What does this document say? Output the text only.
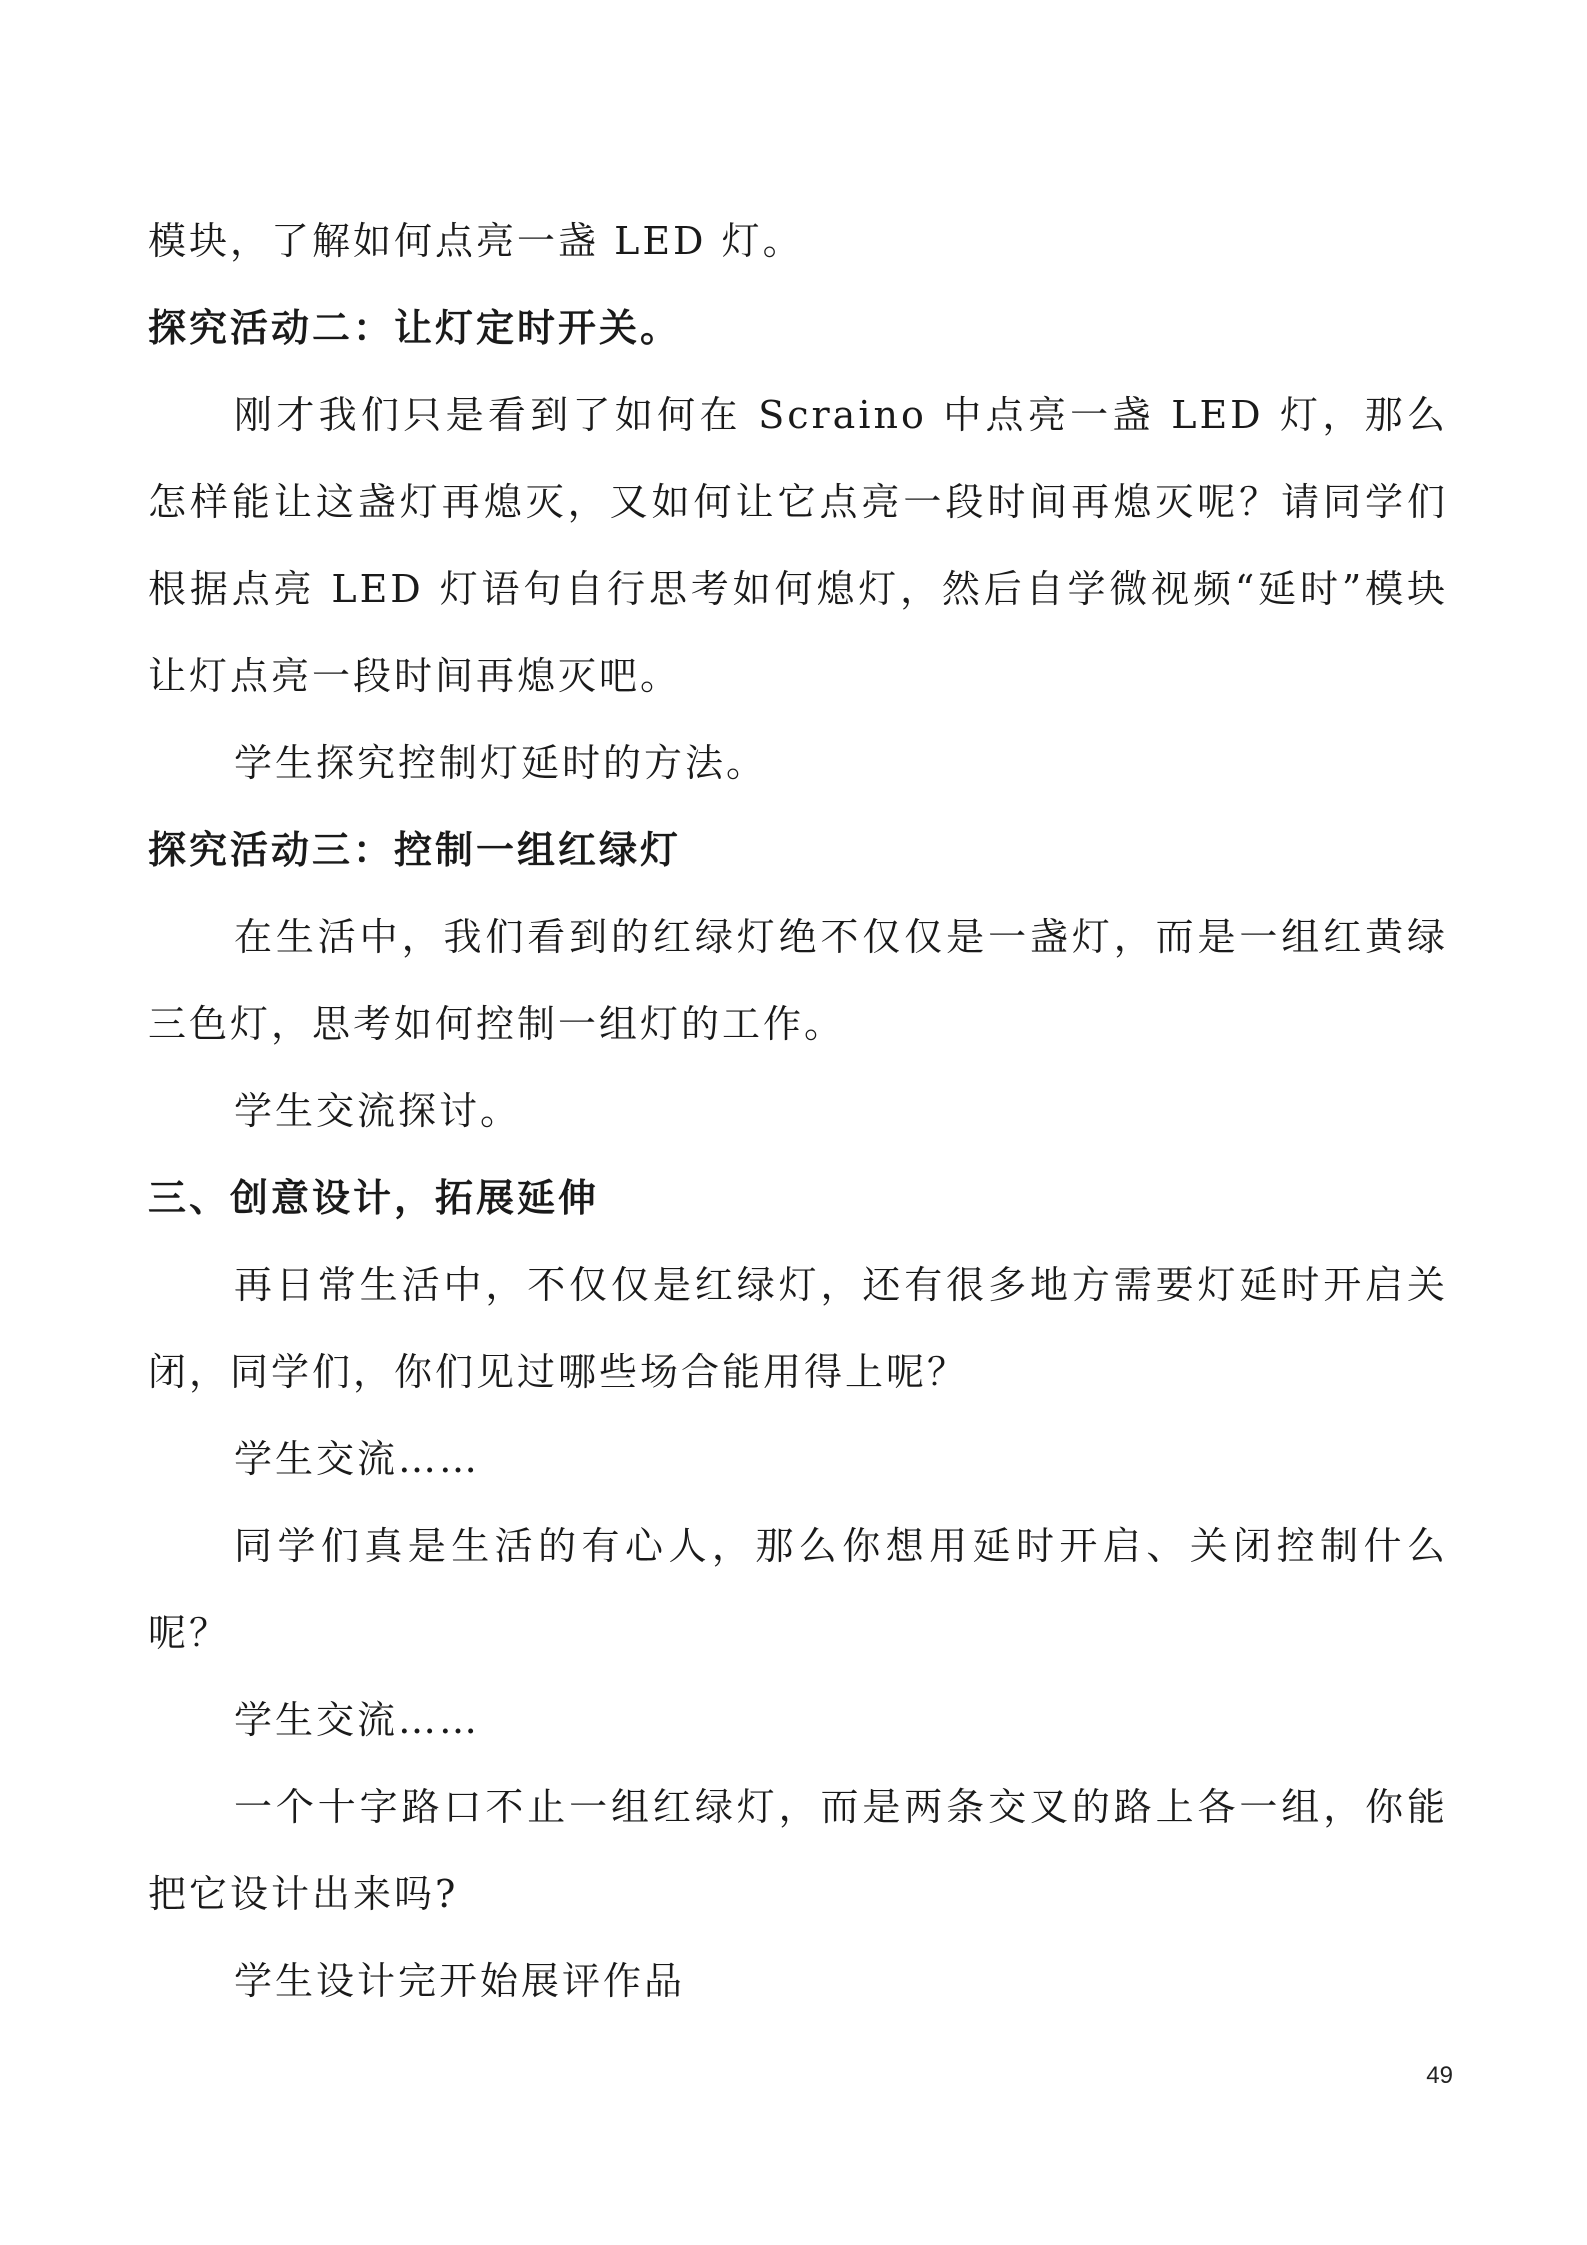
模块，了解如何点亮一盏 LED 灯。
探究活动二：让灯定时开关。
刚才我们只是看到了如何在 Scraino 中点亮一盏 LED 灯，那么怎样能让这盏灯再熄灭，又如何让它点亮一段时间再熄灭呢？请同学们根据点亮 LED 灯语句自行思考如何熄灯，然后自学微视频“延时”模块让灯点亮一段时间再熄灭吧。
学生探究控制灯延时的方法。
探究活动三：控制一组红绿灯
在生活中，我们看到的红绿灯绝不仅仅是一盏灯，而是一组红黄绿三色灯，思考如何控制一组灯的工作。
学生交流探讨。
三、创意设计，拓展延伸
再日常生活中，不仅仅是红绿灯，还有很多地方需要灯延时开启关闭，同学们，你们见过哪些场合能用得上呢？
学生交流……
同学们真是生活的有心人，那么你想用延时开启、关闭控制什么呢？
学生交流……
一个十字路口不止一组红绿灯，而是两条交叉的路上各一组，你能把它设计出来吗?
学生设计完开始展评作品
49
